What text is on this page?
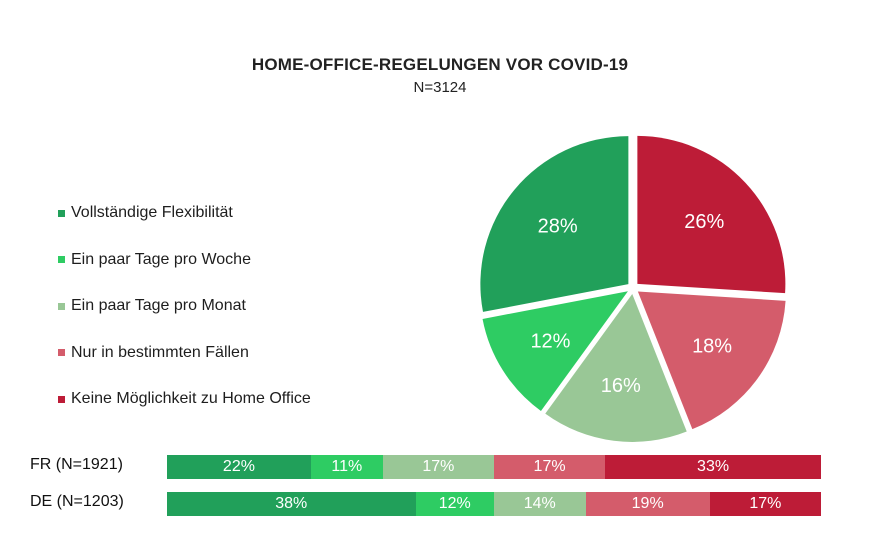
HOME-OFFICE-REGELUNGEN VOR COVID-19
N=3124
Vollständige Flexibilität
Ein paar Tage pro Woche
Ein paar Tage pro Monat
Nur in bestimmten Fällen
Keine Möglichkeit zu Home Office
26%
18%
16%
12%
28%
FR (N=1921)
DE (N=1203)
22%	11%	17%	17%	33%
38%	12%	14%	19%	17%
